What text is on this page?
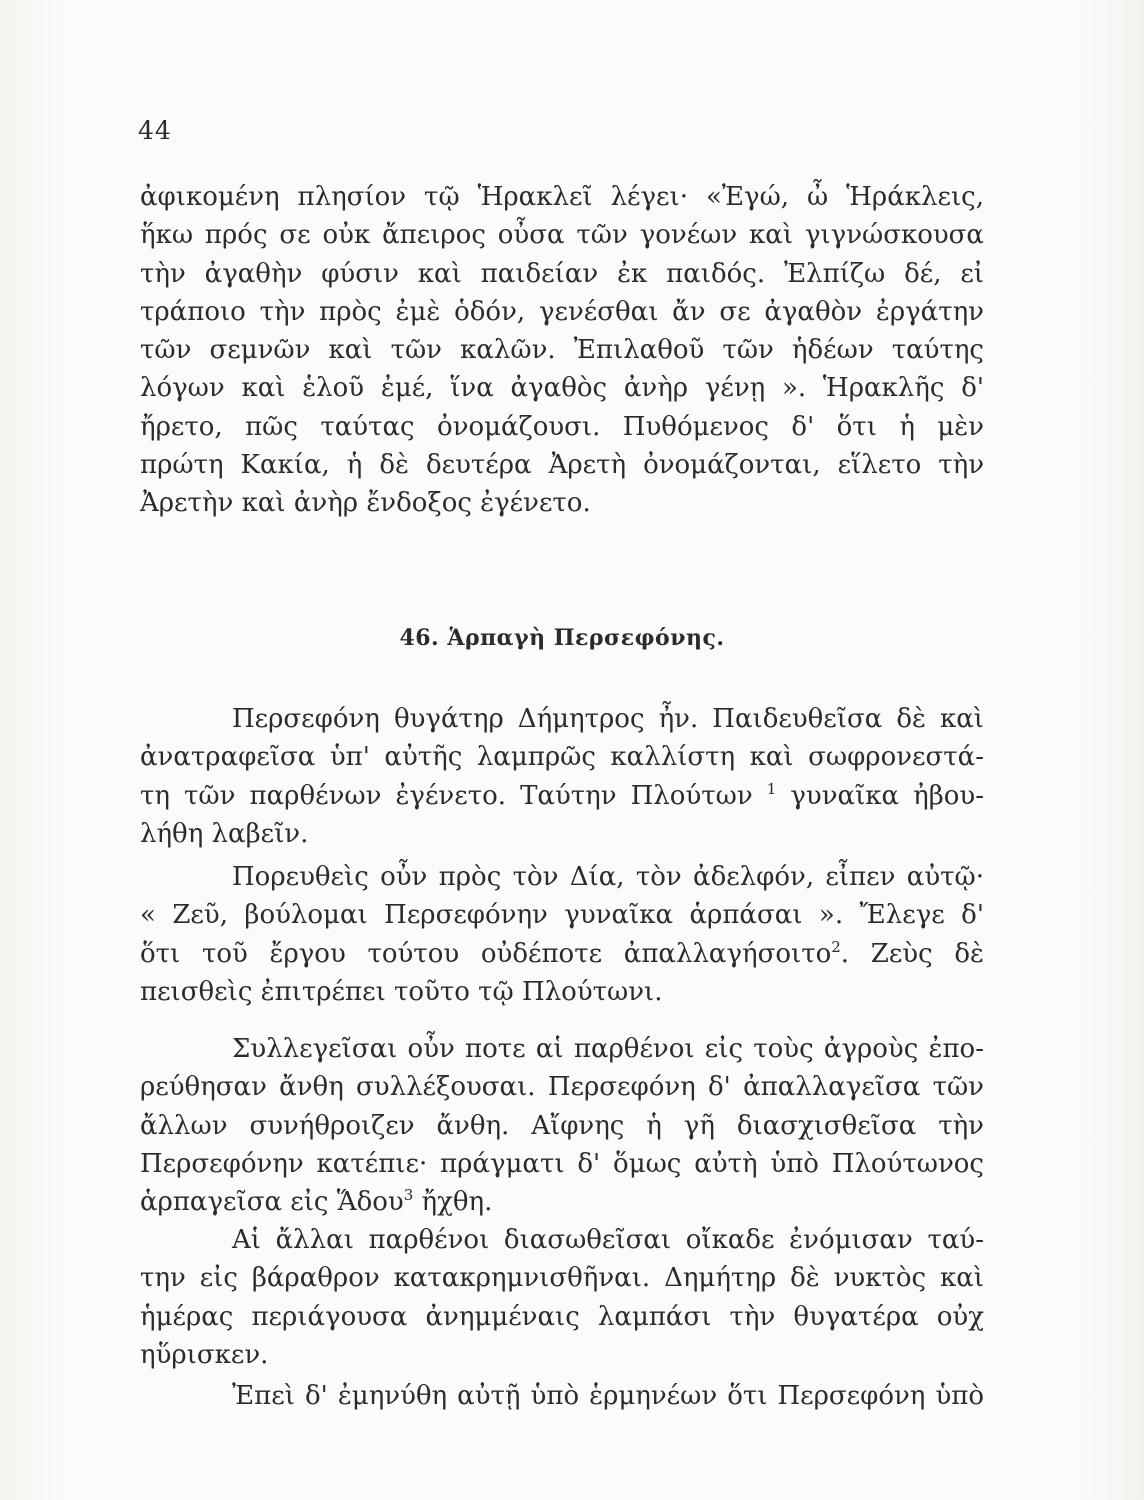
44
ἀφικομένη πλησίον τῷ Ἡρακλεῖ λέγει· «Ἐγώ, ὦ Ἡράκλεις,
ἥκω πρός σε οὐκ ἄπειρος οὖσα τῶν γονέων καὶ γιγνώσκουσα
τὴν ἀγαθὴν φύσιν καὶ παιδείαν ἐκ παιδός. Ἐλπίζω δέ, εἰ
τράποιο τὴν πρὸς ἐμὲ ὁδόν, γενέσθαι ἄν σε ἀγαθὸν ἐργάτην
τῶν σεμνῶν καὶ τῶν καλῶν. Ἐπιλαθοῦ τῶν ἡδέων ταύτης
λόγων καὶ ἑλοῦ ἐμέ, ἵνα ἀγαθὸς ἀνὴρ γένῃ ». Ἡρακλῆς δ'
ἤρετο, πῶς ταύτας ὀνομάζουσι. Πυθόμενος δ' ὅτι ἡ μὲν
πρώτη Κακία, ἡ δὲ δευτέρα Ἀρετὴ ὀνομάζονται, εἵλετο τὴν
Ἀρετὴν καὶ ἀνὴρ ἔνδοξος ἐγένετο.
46. Ἁρπαγὴ Περσεφόνης.
Περσεφόνη θυγάτηρ Δήμητρος ἦν. Παιδευθεῖσα δὲ καὶ
ἀνατραφεῖσα ὑπ' αὐτῆς λαμπρῶς καλλίστη καὶ σωφρονεστά-
τη τῶν παρθένων ἐγένετο. Ταύτην Πλούτων $^1$ γυναῖκα ἠβου-
λήθη λαβεῖν.
Πορευθεὶς οὖν πρὸς τὸν Δία, τὸν ἀδελφόν, εἶπεν αὐτῷ·
« Ζεῦ, βούλομαι Περσεφόνην γυναῖκα ἁρπάσαι ». Ἔλεγε δ'
ὅτι τοῦ ἔργου τούτου οὐδέποτε ἀπαλλαγήσοιτο$^2$. Ζεὺς δὲ
πεισθεὶς ἐπιτρέπει τοῦτο τῷ Πλούτωνι.
Συλλεγεῖσαι οὖν ποτε αἱ παρθένοι εἰς τοὺς ἀγροὺς ἐπο-
ρεύθησαν ἄνθη συλλέξουσαι. Περσεφόνη δ' ἀπαλλαγεῖσα τῶν
ἄλλων συνήθροιζεν ἄνθη. Αἴφνης ἡ γῆ διασχισθεῖσα τὴν
Περσεφόνην κατέπιε· πράγματι δ' ὅμως αὐτὴ ὑπὸ Πλούτωνος
ἁρπαγεῖσα εἰς Ἅδου$^3$ ἤχθη.
Αἱ ἄλλαι παρθένοι διασωθεῖσαι οἴκαδε ἐνόμισαν ταύ-
την εἰς βάραθρον κατακρημνισθῆναι. Δημήτηρ δὲ νυκτὸς καὶ
ἡμέρας περιάγουσα ἀνημμέναις λαμπάσι τὴν θυγατέρα οὐχ
ηὕρισκεν.
Ἐπεὶ δ' ἐμηνύθη αὐτῇ ὑπὸ ἑρμηνέων ὅτι Περσεφόνη ὑπὸ
